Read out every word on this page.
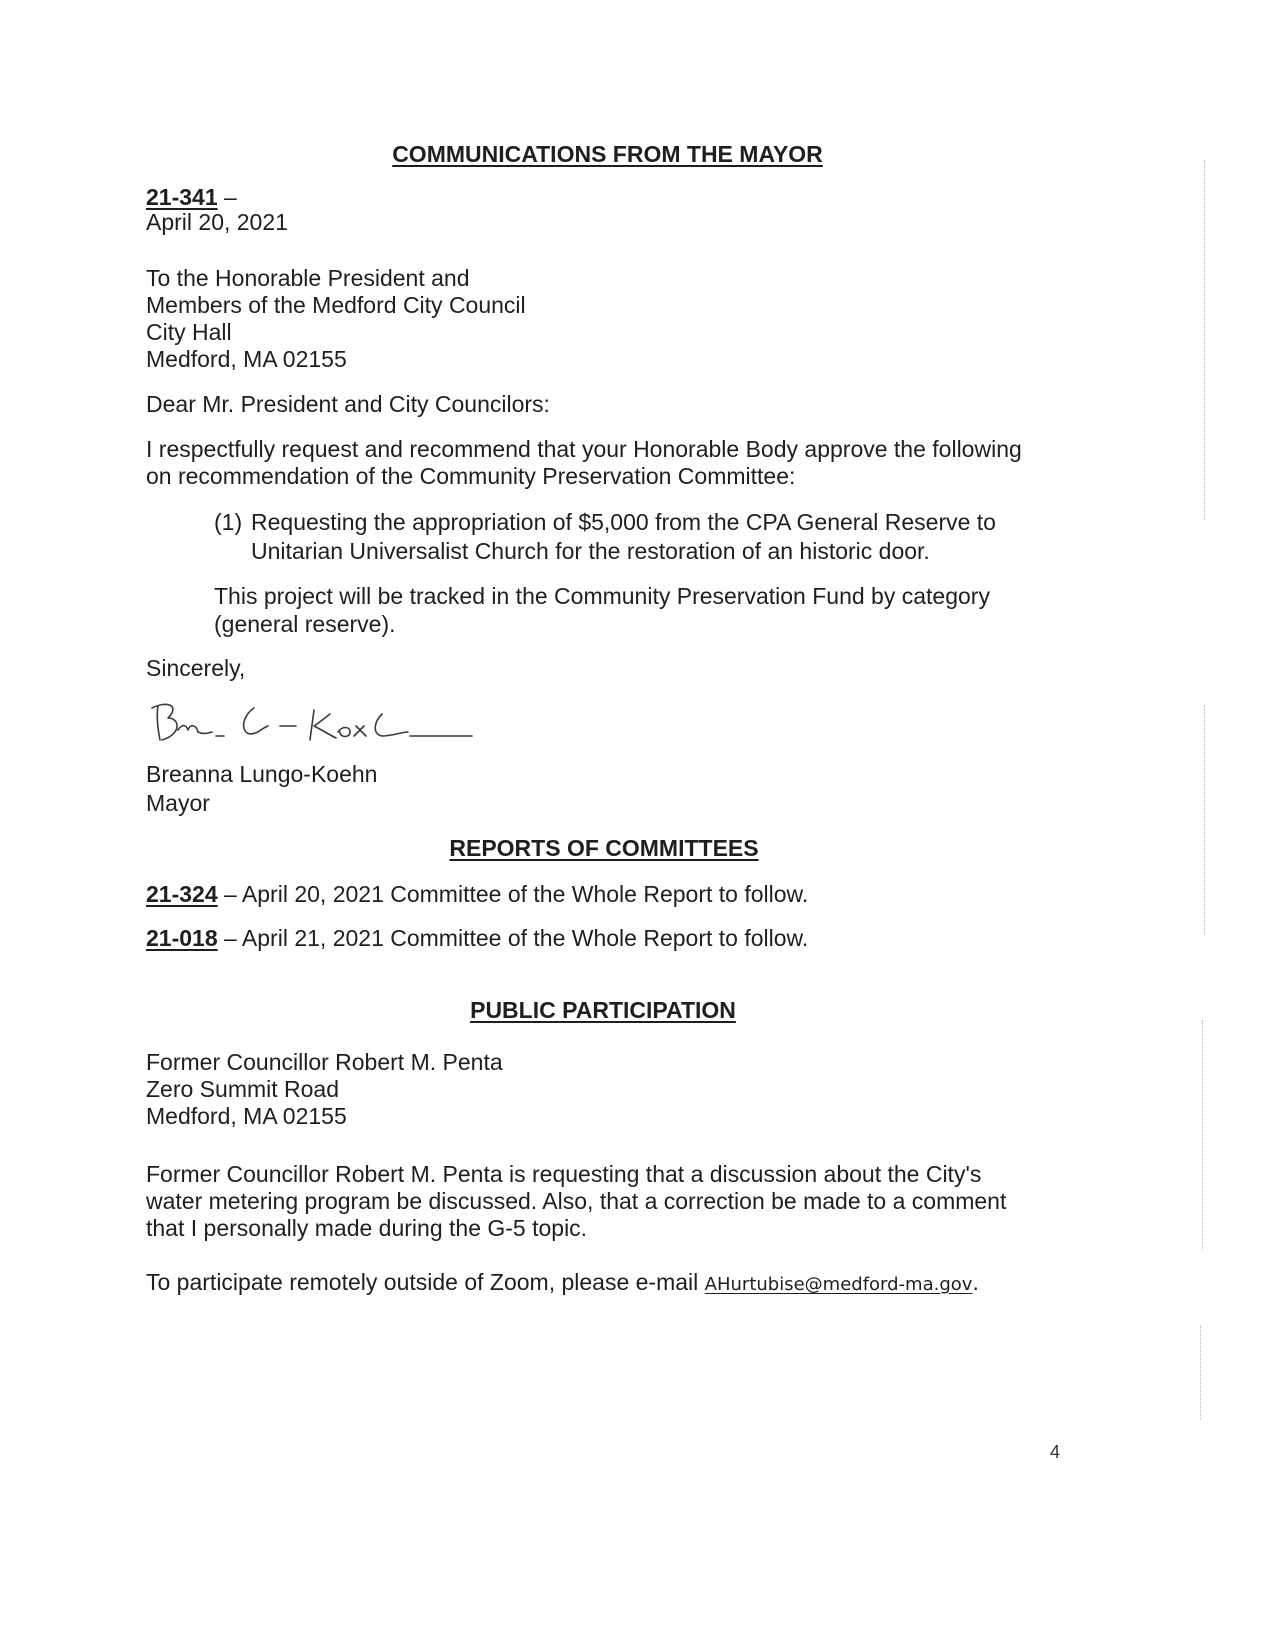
COMMUNICATIONS FROM THE MAYOR
21-341 –
April 20, 2021
To the Honorable President and
Members of the Medford City Council
City Hall
Medford, MA 02155
Dear Mr. President and City Councilors:
I respectfully request and recommend that your Honorable Body approve the following
on recommendation of the Community Preservation Committee:
(1) Requesting the appropriation of $5,000 from the CPA General Reserve to
Unitarian Universalist Church for the restoration of an historic door.
This project will be tracked in the Community Preservation Fund by category
(general reserve).
Sincerely,
Breanna Lungo-Koehn
Mayor
REPORTS OF COMMITTEES
21-324 – April 20, 2021 Committee of the Whole Report to follow.
21-018 – April 21, 2021 Committee of the Whole Report to follow.
PUBLIC PARTICIPATION
Former Councillor Robert M. Penta
Zero Summit Road
Medford, MA 02155
Former Councillor Robert M. Penta is requesting that a discussion about the City's
water metering program be discussed. Also, that a correction be made to a comment
that I personally made during the G-5 topic.
To participate remotely outside of Zoom, please e-mail AHurtubise@medford-ma.gov.
4
